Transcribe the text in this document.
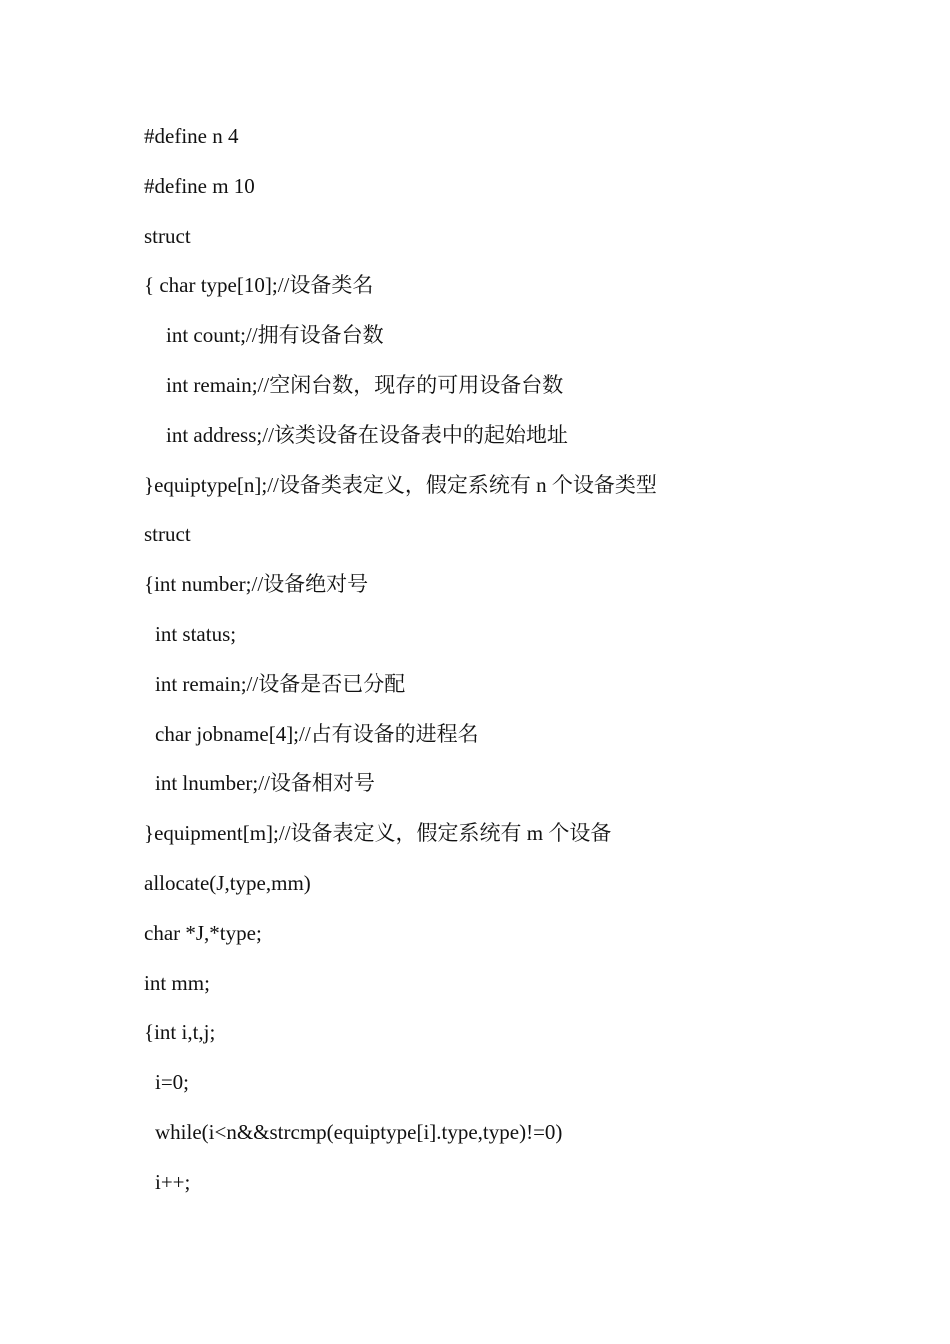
#define n 4
#define m 10
struct
{ char type[10];//设备类名
int count;//拥有设备台数
int remain;//空闲台数，现存的可用设备台数
int address;//该类设备在设备表中的起始地址
}equiptype[n];//设备类表定义，假定系统有 n 个设备类型
struct
{int number;//设备绝对号
int status;
int remain;//设备是否已分配
char jobname[4];//占有设备的进程名
int lnumber;//设备相对号
}equipment[m];//设备表定义，假定系统有 m 个设备
allocate(J,type,mm)
char *J,*type;
int mm;
{int i,t,j;
i=0;
while(i<n&&strcmp(equiptype[i].type,type)!=0)
i++;
